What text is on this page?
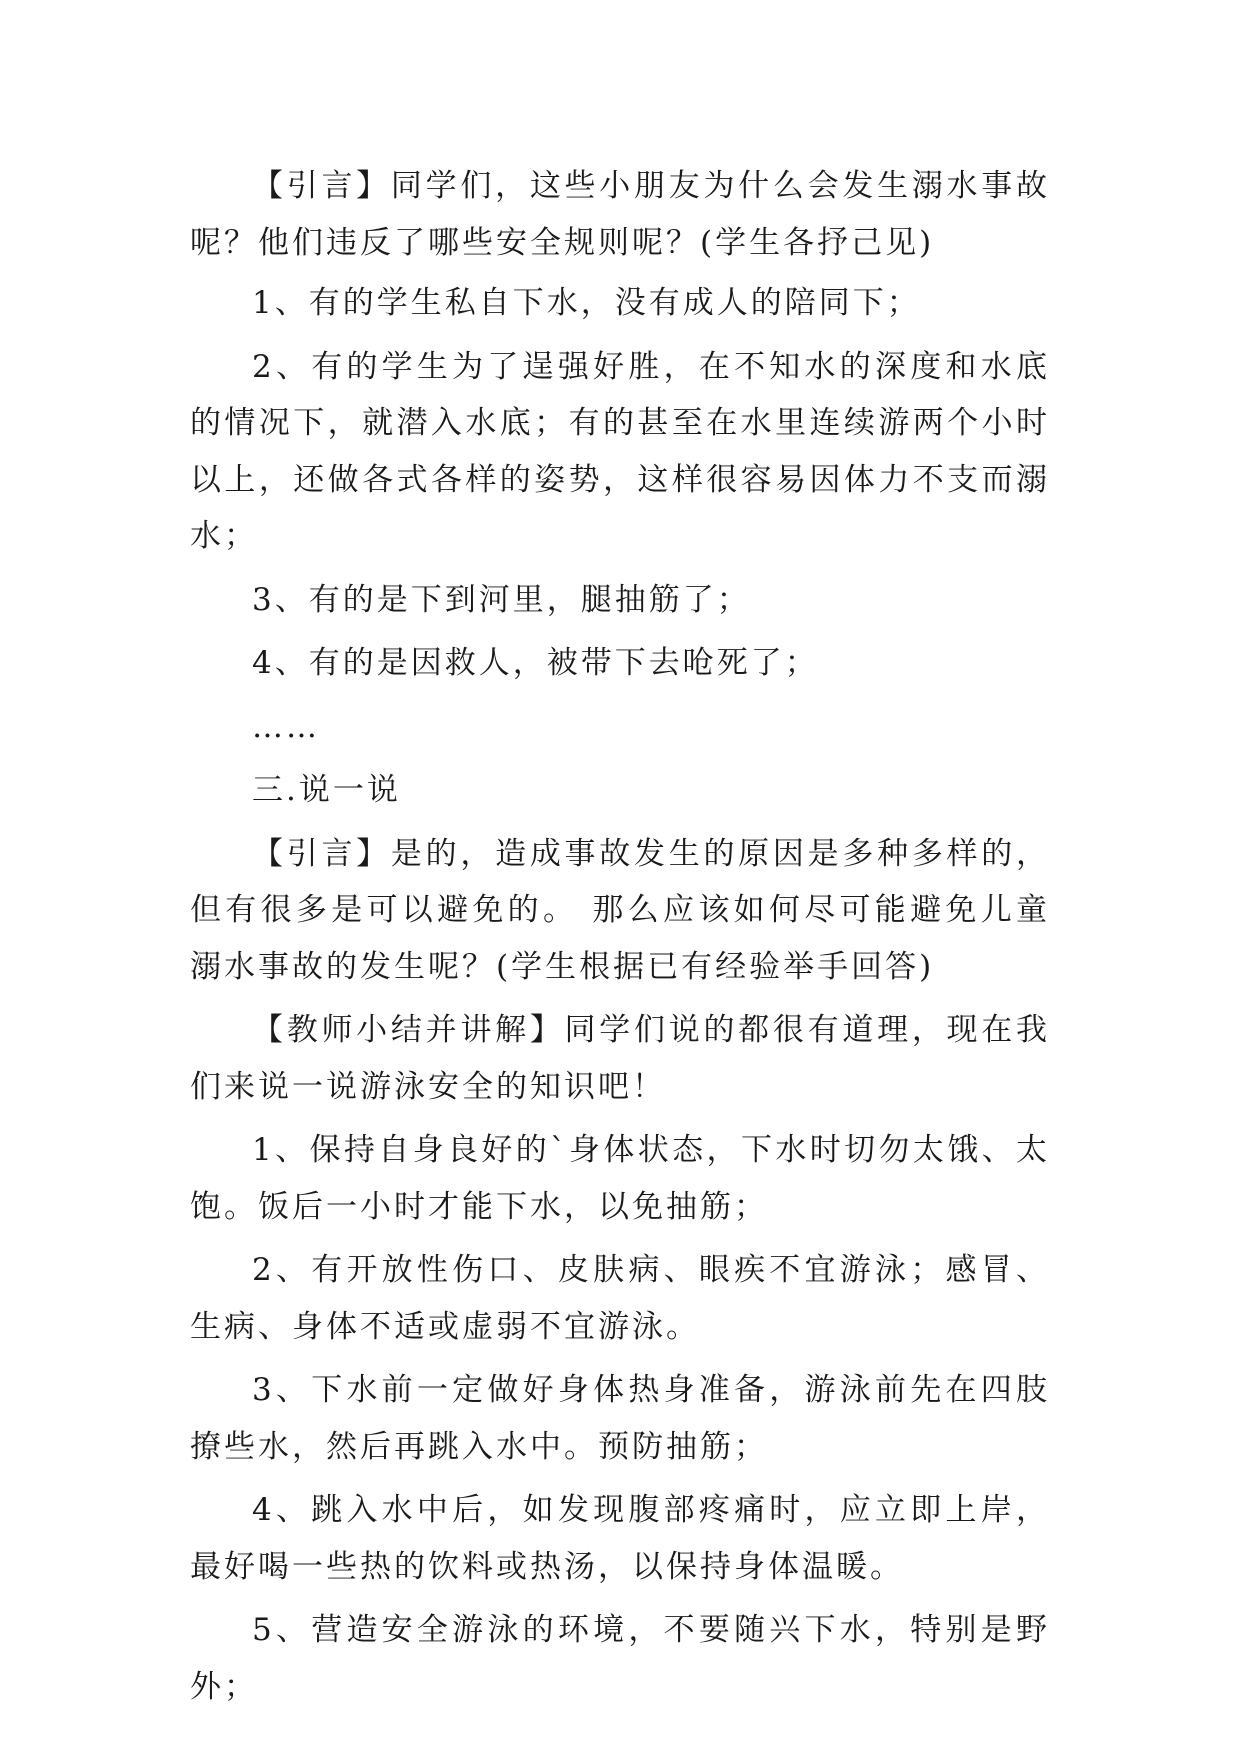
【引言】同学们，这些小朋友为什么会发生溺水事故呢？他们违反了哪些安全规则呢？(学生各抒己见)

1、有的学生私自下水，没有成人的陪同下；

2、有的学生为了逞强好胜，在不知水的深度和水底的情况下，就潜入水底；有的甚至在水里连续游两个小时以上，还做各式各样的姿势，这样很容易因体力不支而溺水；

3、有的是下到河里，腿抽筋了；

4、有的是因救人，被带下去呛死了；

……

三.说一说

【引言】是的，造成事故发生的原因是多种多样的，但有很多是可以避免的。 那么应该如何尽可能避免儿童溺水事故的发生呢？(学生根据已有经验举手回答)

【教师小结并讲解】同学们说的都很有道理，现在我们来说一说游泳安全的知识吧！

1、保持自身良好的`身体状态，下水时切勿太饿、太饱。饭后一小时才能下水，以免抽筋；

2、有开放性伤口、皮肤病、眼疾不宜游泳；感冒、生病、身体不适或虚弱不宜游泳。

3、下水前一定做好身体热身准备，游泳前先在四肢撩些水，然后再跳入水中。预防抽筋；

4、跳入水中后，如发现腹部疼痛时，应立即上岸，最好喝一些热的饮料或热汤，以保持身体温暖。

5、营造安全游泳的环境，不要随兴下水，特别是野外；
